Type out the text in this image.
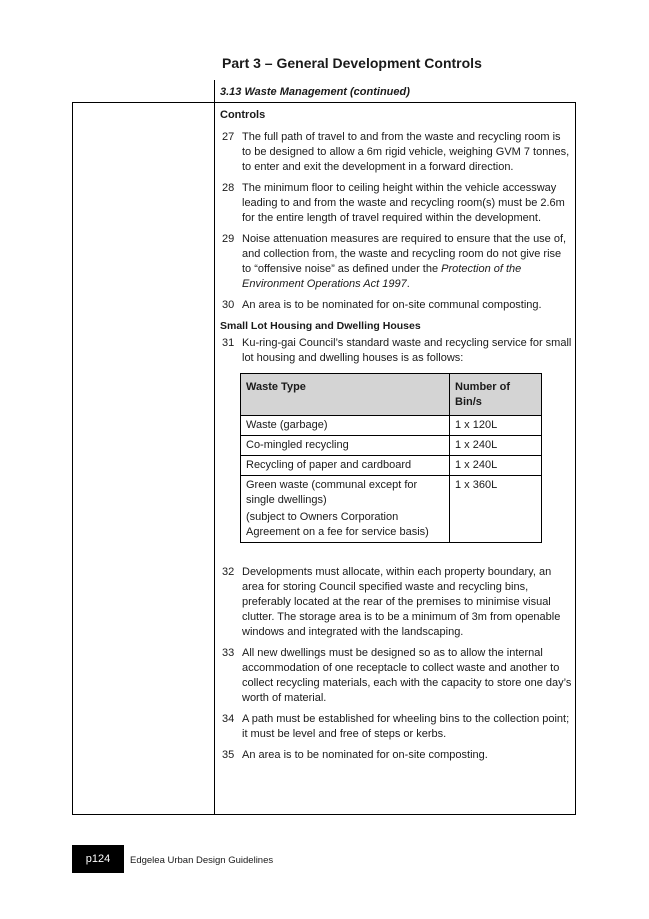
Part 3 – General Development Controls
3.13 Waste Management (continued)

Controls

27 The full path of travel to and from the waste and recycling room is to be designed to allow a 6m rigid vehicle, weighing GVM 7 tonnes, to enter and exit the development in a forward direction.
28 The minimum floor to ceiling height within the vehicle accessway leading to and from the waste and recycling room(s) must be 2.6m for the entire length of travel required within the development.
29 Noise attenuation measures are required to ensure that the use of, and collection from, the waste and recycling room do not give rise to “offensive noise” as defined under the Protection of the Environment Operations Act 1997.
30 An area is to be nominated for on-site communal composting.

Small Lot Housing and Dwelling Houses

31 Ku-ring-gai Council’s standard waste and recycling service for small lot housing and dwelling houses is as follows:
Waste Type	Number of Bin/s
Waste (garbage)	1 x 120L
Co-mingled recycling	1 x 240L
Recycling of paper and cardboard	1 x 240L

Green waste (communal except for single dwellings)

(subject to Owners Corporation Agreement on a fee for service basis)	1 x 360L
32 Developments must allocate, within each property boundary, an area for storing Council specified waste and recycling bins, preferably located at the rear of the premises to minimise visual clutter. The storage area is to be a minimum of 3m from openable windows and integrated with the landscaping.
33 All new dwellings must be designed so as to allow the internal accommodation of one receptacle to collect waste and another to collect recycling materials, each with the capacity to store one day’s worth of material.
34 A path must be established for wheeling bins to the collection point; it must be level and free of steps or kerbs.
35 An area is to be nominated for on-site composting.
p124	Edgelea Urban Design Guidelines
